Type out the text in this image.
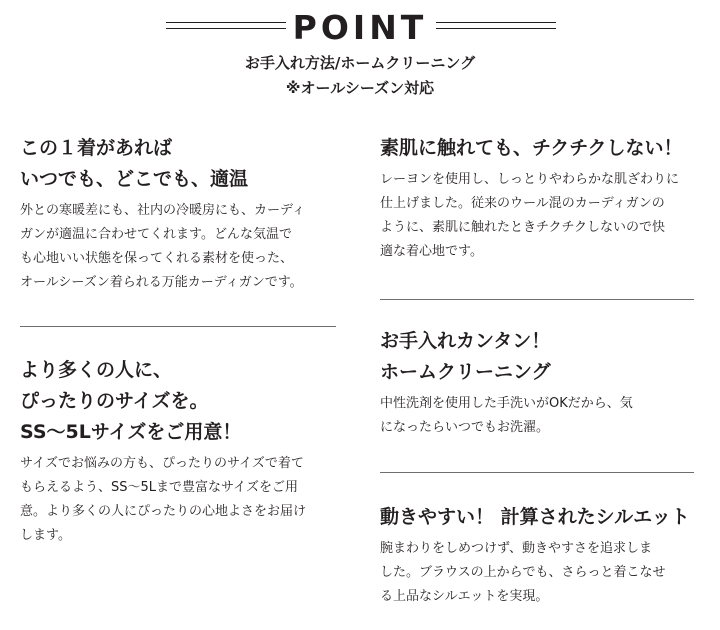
POINT
お手入れ方法/ホームクリーニング
※オールシーズン対応
この１着があれば
いつでも、どこでも、適温
外との寒暖差にも、社内の冷暖房にも、カーディ
ガンが適温に合わせてくれます。どんな気温で
も心地いい状態を保ってくれる素材を使った、
オールシーズン着られる万能カーディガンです。
より多くの人に、
ぴったりのサイズを。
SS～5Lサイズをご用意！
サイズでお悩みの方も、ぴったりのサイズで着て
もらえるよう、SS～5Lまで豊富なサイズをご用
意。より多くの人にぴったりの心地よさをお届け
します。
素肌に触れても、チクチクしない！
レーヨンを使用し、しっとりやわらかな肌ざわりに
仕上げました。従来のウール混のカーディガンの
ように、素肌に触れたときチクチクしないので快
適な着心地です。
お手入れカンタン！
ホームクリーニング
中性洗剤を使用した手洗いがOKだから、気
になったらいつでもお洗濯。
動きやすい！ 計算されたシルエット
腕まわりをしめつけず、動きやすさを追求しま
した。ブラウスの上からでも、さらっと着こなせ
る上品なシルエットを実現。
